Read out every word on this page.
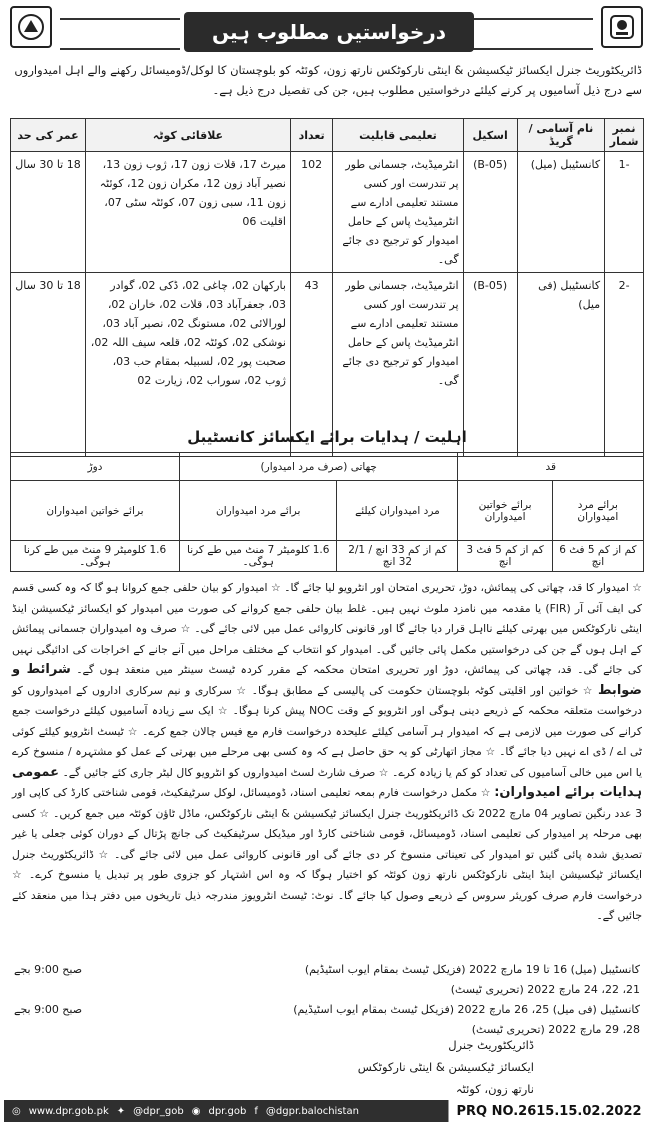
درخواستیں مطلوب ہیں
ڈائریکٹوریٹ جنرل ایکسائز ٹیکسیشن & اینٹی نارکوٹکس نارتھ زون، کوئٹہ کو بلوچستان کا لوکل/ڈومیسائل رکھنے والے اہل امیدواروں سے درج ذیل آسامیوں پر کرنے کیلئے درخواستیں مطلوب ہیں، جن کی تفصیل درج ذیل ہے۔
نمبر شمار	نام آسامی / گریڈ	اسکیل	تعلیمی قابلیت	تعداد	علاقائی کوٹہ	عمر کی حد
-1	کانسٹیبل (میل)	(B-05)	انٹرمیڈیٹ، جسمانی طور پر تندرست اور کسی مستند تعلیمی ادارے سے انٹرمیڈیٹ پاس کے حامل امیدوار کو ترجیح دی جائے گی۔	102	میرٹ 17، قلات زون 17، ژوب زون 13، نصیر آباد زون 12، مکران زون 12، کوئٹہ زون 11، سبی زون 07، کوئٹہ سٹی 07، اقلیت 06	18 تا 30 سال
-2	کانسٹیبل (فی میل)	(B-05)	انٹرمیڈیٹ، جسمانی طور پر تندرست اور کسی مستند تعلیمی ادارے سے انٹرمیڈیٹ پاس کے حامل امیدوار کو ترجیح دی جائے گی۔	43	بارکھان 02، چاغی 02، ڈکی 02، گوادر 03، جعفرآباد 03، قلات 02، خاران 02، لورالائی 02، مستونگ 02، نصیر آباد 03، نوشکی 02، کوئٹہ 02، قلعہ سیف اللہ 02، صحبت پور 02، لسبیلہ بمقام حب 03، ژوب 02، سوراب 02، زیارت 02	18 تا 30 سال
اہلیت / ہدایات برائے ایکسائز کانسٹیبل
قد		چھاتی (صرف مرد امیدوار)		دوڑ
برائے مرد امیدواران	برائے خواتین امیدواران	مرد امیدواران کیلئے	برائے مرد امیدواران	برائے خواتین امیدواران
کم از کم 5 فٹ 6 انچ	کم از کم 5 فٹ 3 انچ	کم از کم 33 انچ / 2/1 32 انچ	1.6 کلومیٹر 7 منٹ میں طے کرنا ہوگی۔	1.6 کلومیٹر 9 منٹ میں طے کرنا ہوگی۔
☆ امیدوار کا قد، چھاتی کی پیمائش، دوڑ، تحریری امتحان اور انٹرویو لیا جائے گا۔ ☆ امیدوار کو بیان حلفی جمع کروانا ہو گا کہ وہ کسی قسم کی ایف آئی آر (FIR) یا مقدمہ میں نامزد ملوث نہیں ہیں۔ غلط بیان حلفی جمع کروانے کی صورت میں امیدوار کو ایکسائز ٹیکسیشن اینڈ اینٹی نارکوٹکس میں بھرتی کیلئے نااہل قرار دیا جائے گا اور قانونی کاروائی عمل میں لائی جائے گی۔ ☆ صرف وہ امیدواران جسمانی پیمائش کے اہل ہوں گے جن کی درخواستیں مکمل پائی جائیں گی۔ امیدوار کو انتخاب کے مختلف مراحل میں آنے جانے کے اخراجات کی ادائیگی نہیں کی جائے گی۔ قد، چھاتی کی پیمائش، دوڑ اور تحریری امتحان محکمہ کے مقرر کردہ ٹیسٹ سینٹر میں منعقد ہوں گے۔ شرائط و ضوابط ☆ خواتین اور اقلیتی کوٹہ بلوچستان حکومت کی پالیسی کے مطابق ہوگا۔ ☆ سرکاری و نیم سرکاری اداروں کے امیدواروں کو درخواست متعلقہ محکمہ کے ذریعے دینی ہوگی اور انٹرویو کے وقت NOC پیش کرنا ہوگا۔ ☆ ایک سے زیادہ آسامیوں کیلئے درخواست جمع کرانے کی صورت میں لازمی ہے کہ امیدوار ہر آسامی کیلئے علیحدہ درخواست فارم مع فیس چالان جمع کرے۔ ☆ ٹیسٹ انٹرویو کیلئے کوئی ٹی اے / ڈی اے نہیں دیا جائے گا۔ ☆ مجاز اتھارٹی کو یہ حق حاصل ہے کہ وہ کسی بھی مرحلے میں بھرتی کے عمل کو مشتہرہ / منسوخ کرے یا اس میں خالی آسامیوں کی تعداد کو کم یا زیادہ کرے۔ ☆ صرف شارٹ لسٹ امیدواروں کو انٹرویو کال لیٹر جاری کئے جائیں گے۔ عمومی ہدایات برائے امیدواران: ☆ مکمل درخواست فارم بمعہ تعلیمی اسناد، ڈومیسائل، لوکل سرٹیفکیٹ، قومی شناختی کارڈ کی کاپی اور 3 عدد رنگین تصاویر 04 مارچ 2022 تک ڈائریکٹوریٹ جنرل ایکسائز ٹیکسیشن & اینٹی نارکوٹکس، ماڈل ٹاؤن کوئٹہ میں جمع کریں۔ ☆ کسی بھی مرحلہ پر امیدوار کی تعلیمی اسناد، ڈومیسائل، قومی شناختی کارڈ اور میڈیکل سرٹیفکیٹ کی جانچ پڑتال کے دوران کوئی جعلی یا غیر تصدیق شدہ پائی گئیں تو امیدوار کی تعیناتی منسوخ کر دی جائے گی اور قانونی کاروائی عمل میں لائی جائے گی۔ ☆ ڈائریکٹوریٹ جنرل ایکسائز ٹیکسیشن اینڈ اینٹی نارکوٹکس نارتھ زون کوئٹہ کو اختیار ہوگا کہ وہ اس اشتہار کو جزوی طور پر تبدیل یا منسوخ کرے۔ ☆ درخواست فارم صرف کوریئر سروس کے ذریعے وصول کیا جائے گا۔ نوٹ: ٹیسٹ انٹرویوز مندرجہ ذیل تاریخوں میں دفتر ہذا میں منعقد کئے جائیں گے۔
کانسٹیبل (میل) 16 تا 19 مارچ 2022 (فزیکل ٹیسٹ بمقام ایوب اسٹیڈیم)
صبح 9:00 بجے
21، 22، 24 مارچ 2022 (تحریری ٹیسٹ)
کانسٹیبل (فی میل) 25، 26 مارچ 2022 (فزیکل ٹیسٹ بمقام ایوب اسٹیڈیم)
صبح 9:00 بجے
28، 29 مارچ 2022 (تحریری ٹیسٹ)
ڈائریکٹوریٹ جنرل
ایکسائز ٹیکسیشن & اینٹی نارکوٹکس نارتھ زون، کوئٹہ
◎ www.dpr.gob.pk ✦ @dpr_gob ◉ dpr.gob f @dgpr.balochistan	PRQ NO.2615.15.02.2022
